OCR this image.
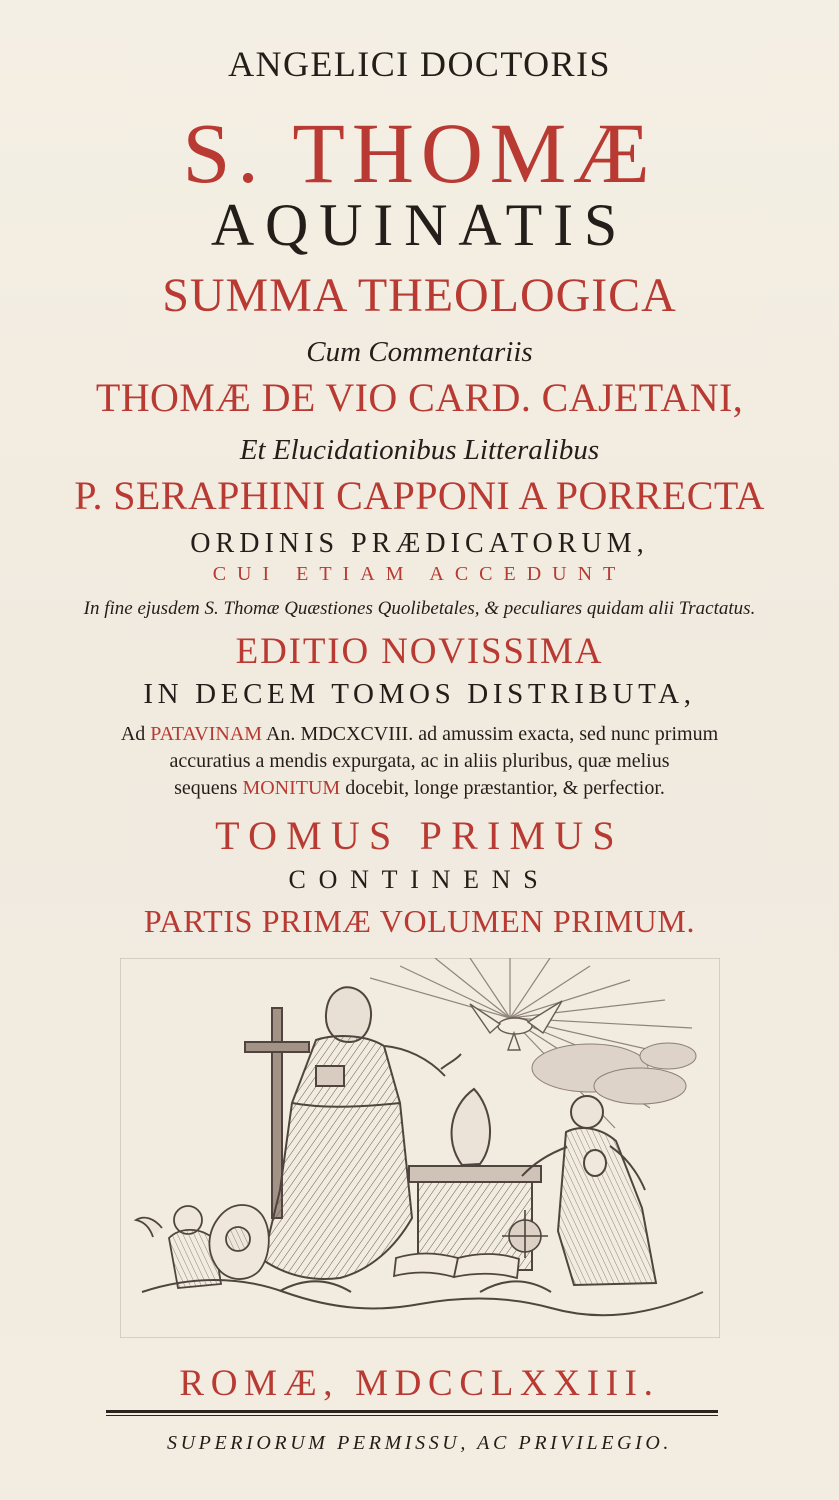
ANGELICI DOCTORIS
S. THOMÆ
AQUINATIS
SUMMA THEOLOGICA
Cum Commentariis
THOMÆ DE VIO CARD. CAJETANI,
Et Elucidationibus Litteralibus
P. SERAPHINI CAPPONI A PORRECTA
ORDINIS PRÆDICATORUM,
CUI ETIAM ACCEDUNT
In fine ejusdem S. Thomæ Quæstiones Quolibetales, & peculiares quidam alii Tractatus.
EDITIO NOVISSIMA
IN DECEM TOMOS DISTRIBUTA,
Ad PATAVINAM An. MDCXCVIII. ad amussim exacta, sed nunc primum
accuratius a mendis expurgata, ac in aliis pluribus, quæ melius
sequens MONITUM docebit, longe præstantior, & perfectior.
TOMUS PRIMUS
CONTINENS
PARTIS PRIMÆ VOLUMEN PRIMUM.
ROMÆ, MDCCLXXIII.
SUPERIORUM PERMISSU, AC PRIVILEGIO.
